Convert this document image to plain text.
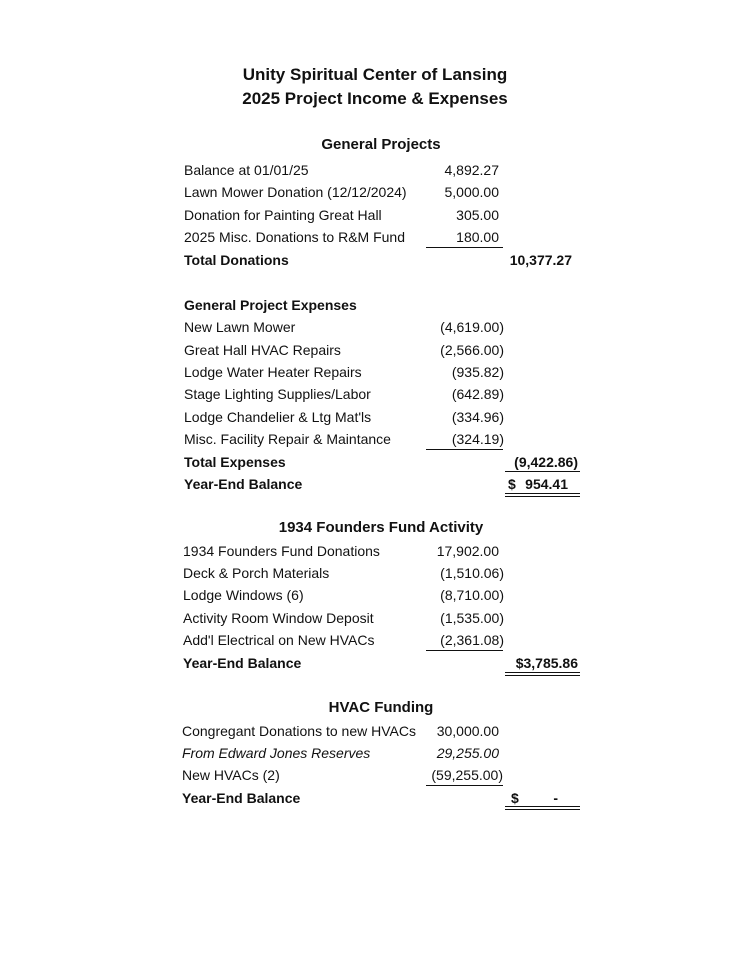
Unity Spiritual Center of Lansing
2025 Project Income & Expenses
General Projects
Balance at 01/01/25	4,892.27
Lawn Mower Donation (12/12/2024)	5,000.00
Donation for Painting Great Hall	305.00
2025 Misc. Donations to R&M Fund	180.00
Total Donations	10,377.27
General Project Expenses
New Lawn Mower	(4,619.00)
Great Hall HVAC Repairs	(2,566.00)
Lodge Water Heater Repairs	(935.82)
Stage Lighting Supplies/Labor	(642.89)
Lodge Chandelier & Ltg Mat'ls	(334.96)
Misc. Facility Repair & Maintance	(324.19)
Total Expenses	(9,422.86)
Year-End Balance	$ 954.41
1934 Founders Fund Activity
1934 Founders Fund Donations	17,902.00
Deck & Porch Materials	(1,510.06)
Lodge Windows (6)	(8,710.00)
Activity Room Window Deposit	(1,535.00)
Add'l Electrical on New HVACs	(2,361.08)
Year-End Balance	$3,785.86
HVAC Funding
Congregant Donations to new HVACs	30,000.00
From Edward Jones Reserves	29,255.00
New HVACs (2)	(59,255.00)
Year-End Balance	$	-
